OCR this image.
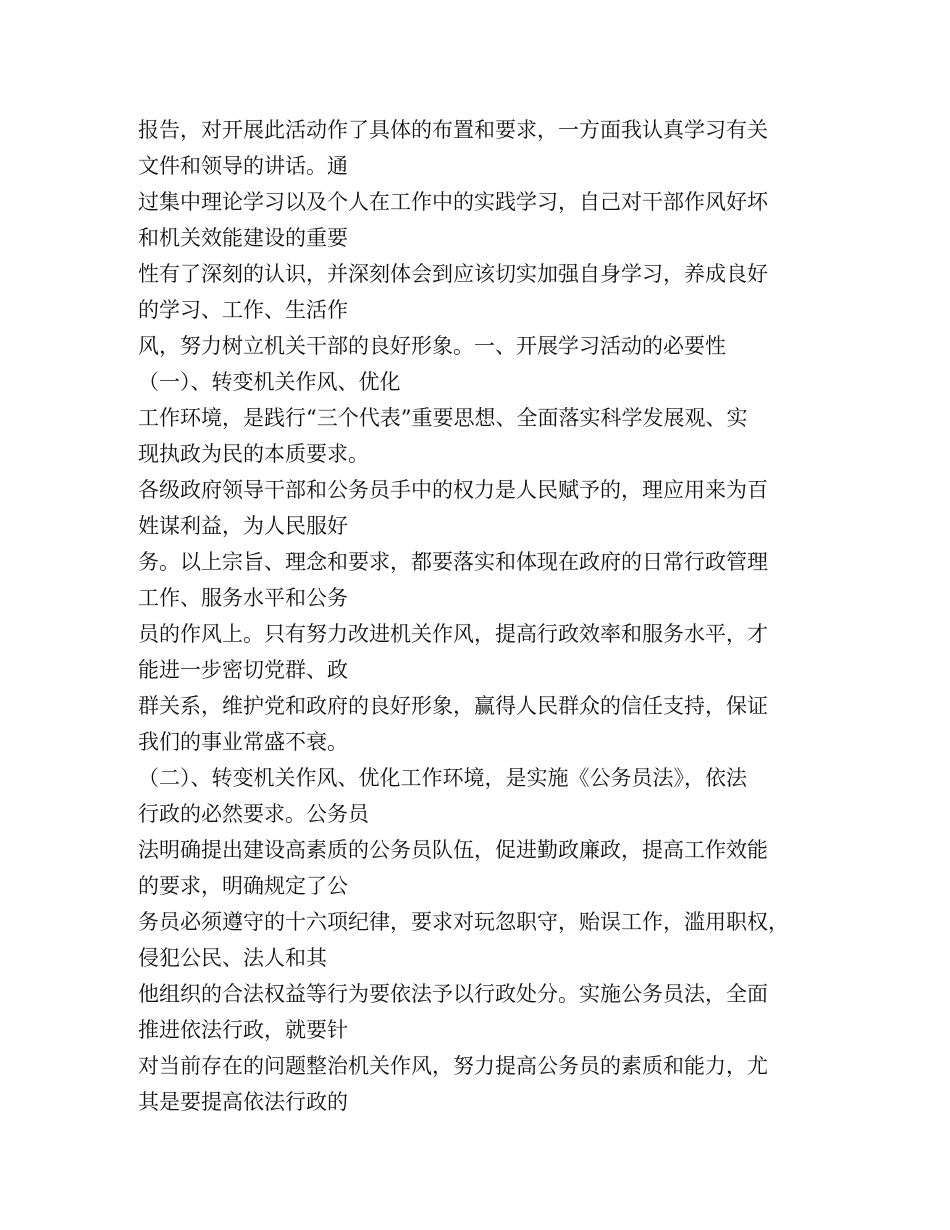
报告，对开展此活动作了具体的布置和要求，一方面我认真学习有关
文件和领导的讲话。通
过集中理论学习以及个人在工作中的实践学习，自己对干部作风好坏
和机关效能建设的重要
性有了深刻的认识，并深刻体会到应该切实加强自身学习，养成良好
的学习、工作、生活作
风，努力树立机关干部的良好形象。一、开展学习活动的必要性
（一）、转变机关作风、优化
工作环境，是践行“三个代表”重要思想、全面落实科学发展观、实
现执政为民的本质要求。
各级政府领导干部和公务员手中的权力是人民赋予的，理应用来为百
姓谋利益，为人民服好
务。以上宗旨、理念和要求，都要落实和体现在政府的日常行政管理
工作、服务水平和公务
员的作风上。只有努力改进机关作风，提高行政效率和服务水平，才
能进一步密切党群、政
群关系，维护党和政府的良好形象，赢得人民群众的信任支持，保证
我们的事业常盛不衰。
（二）、转变机关作风、优化工作环境，是实施《公务员法》，依法
行政的必然要求。公务员
法明确提出建设高素质的公务员队伍，促进勤政廉政，提高工作效能
的要求，明确规定了公
务员必须遵守的十六项纪律，要求对玩忽职守，贻误工作，滥用职权，
侵犯公民、法人和其
他组织的合法权益等行为要依法予以行政处分。实施公务员法，全面
推进依法行政，就要针
对当前存在的问题整治机关作风，努力提高公务员的素质和能力，尤
其是要提高依法行政的
